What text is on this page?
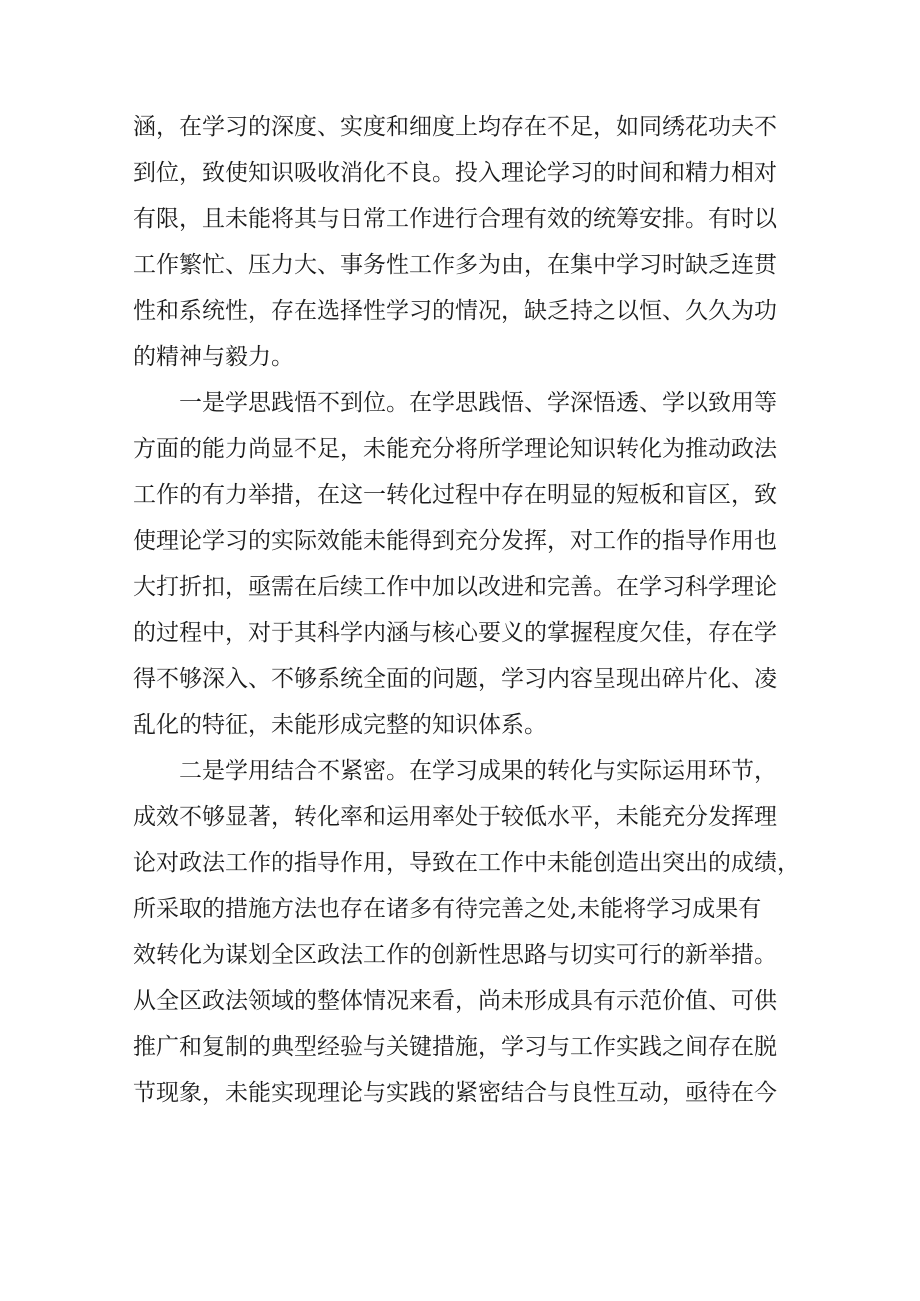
涵，在学习的深度、实度和细度上均存在不足，如同绣花功夫不
到位，致使知识吸收消化不良。投入理论学习的时间和精力相对
有限，且未能将其与日常工作进行合理有效的统筹安排。有时以
工作繁忙、压力大、事务性工作多为由，在集中学习时缺乏连贯
性和系统性，存在选择性学习的情况，缺乏持之以恒、久久为功
的精神与毅力。

一是学思践悟不到位。在学思践悟、学深悟透、学以致用等
方面的能力尚显不足，未能充分将所学理论知识转化为推动政法
工作的有力举措，在这一转化过程中存在明显的短板和盲区，致
使理论学习的实际效能未能得到充分发挥，对工作的指导作用也
大打折扣，亟需在后续工作中加以改进和完善。在学习科学理论
的过程中，对于其科学内涵与核心要义的掌握程度欠佳，存在学
得不够深入、不够系统全面的问题，学习内容呈现出碎片化、凌
乱化的特征，未能形成完整的知识体系。

二是学用结合不紧密。在学习成果的转化与实际运用环节，
成效不够显著，转化率和运用率处于较低水平，未能充分发挥理
论对政法工作的指导作用，导致在工作中未能创造出突出的成绩，
所采取的措施方法也存在诸多有待完善之处,未能将学习成果有
效转化为谋划全区政法工作的创新性思路与切实可行的新举措。
从全区政法领域的整体情况来看，尚未形成具有示范价值、可供
推广和复制的典型经验与关键措施，学习与工作实践之间存在脱
节现象，未能实现理论与实践的紧密结合与良性互动，亟待在今
